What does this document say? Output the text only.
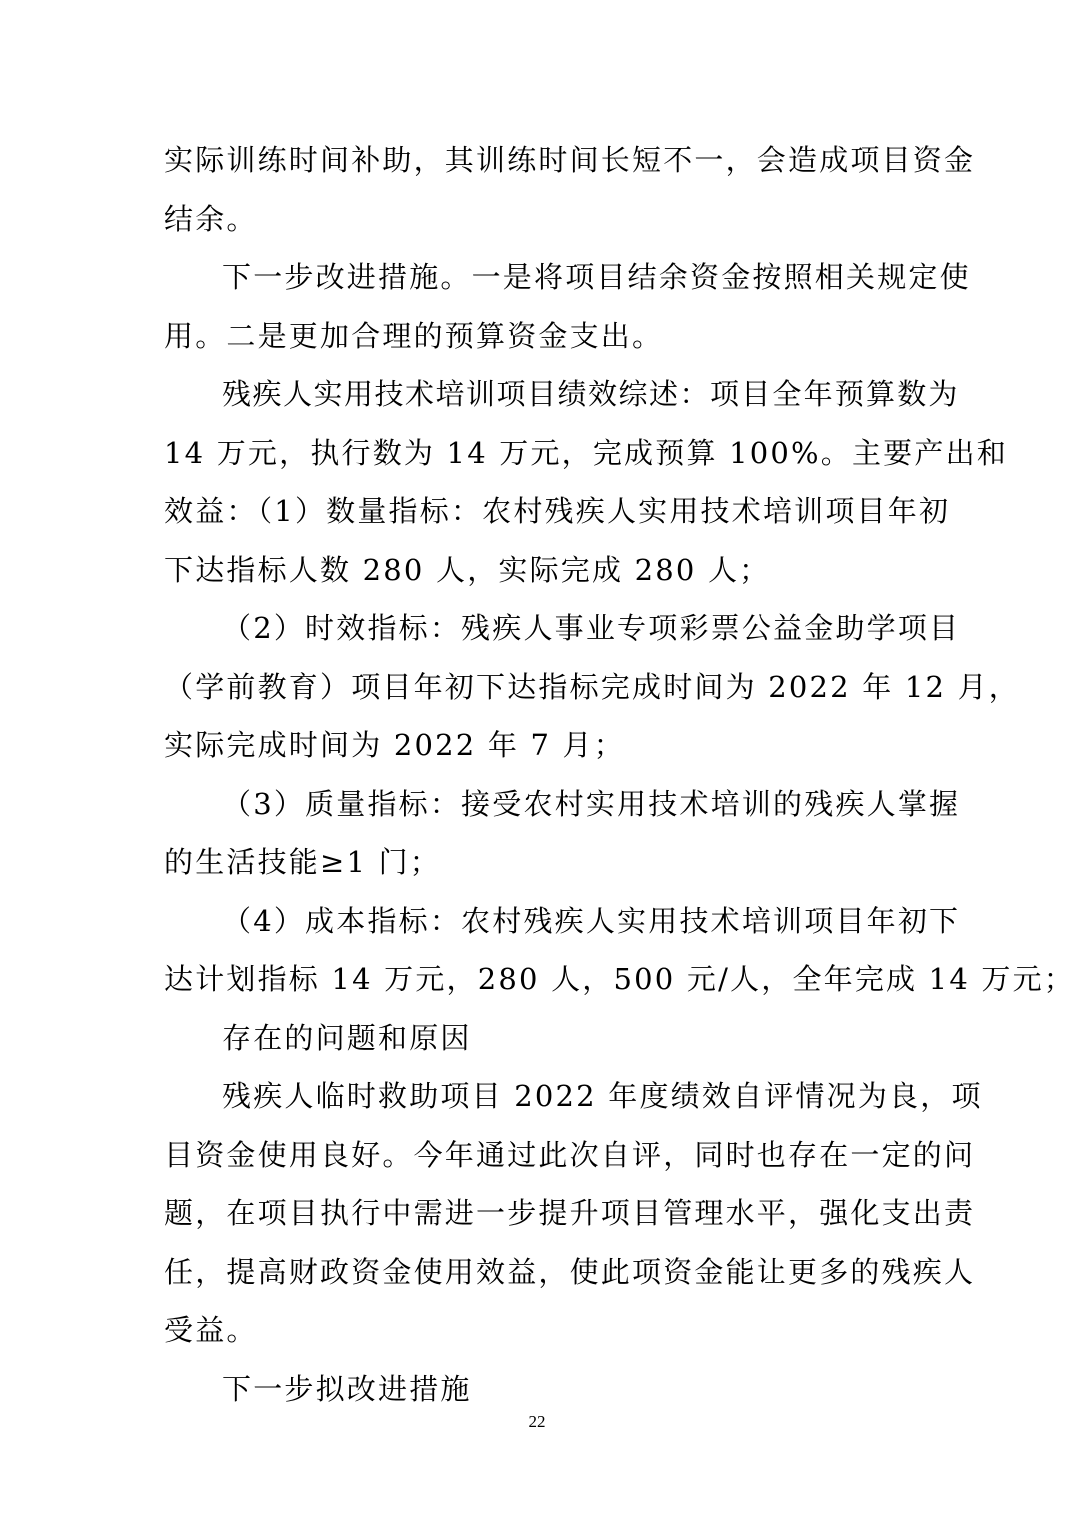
实际训练时间补助，其训练时间长短不一，会造成项目资金
结余。
下一步改进措施。一是将项目结余资金按照相关规定使
用。二是更加合理的预算资金支出。
残疾人实用技术培训项目绩效综述：项目全年预算数为
14 万元，执行数为 14 万元，完成预算 100%。主要产出和
效益：（1）数量指标：农村残疾人实用技术培训项目年初
下达指标人数 280 人，实际完成 280 人；
（2）时效指标：残疾人事业专项彩票公益金助学项目
（学前教育）项目年初下达指标完成时间为 2022 年 12 月，
实际完成时间为 2022 年 7 月；
（3）质量指标：接受农村实用技术培训的残疾人掌握
的生活技能≥1 门；
（4）成本指标：农村残疾人实用技术培训项目年初下
达计划指标 14 万元，280 人，500 元/人，全年完成 14 万元；
存在的问题和原因
残疾人临时救助项目 2022 年度绩效自评情况为良，项
目资金使用良好。今年通过此次自评，同时也存在一定的问
题，在项目执行中需进一步提升项目管理水平，强化支出责
任，提高财政资金使用效益，使此项资金能让更多的残疾人
受益。
下一步拟改进措施
22
